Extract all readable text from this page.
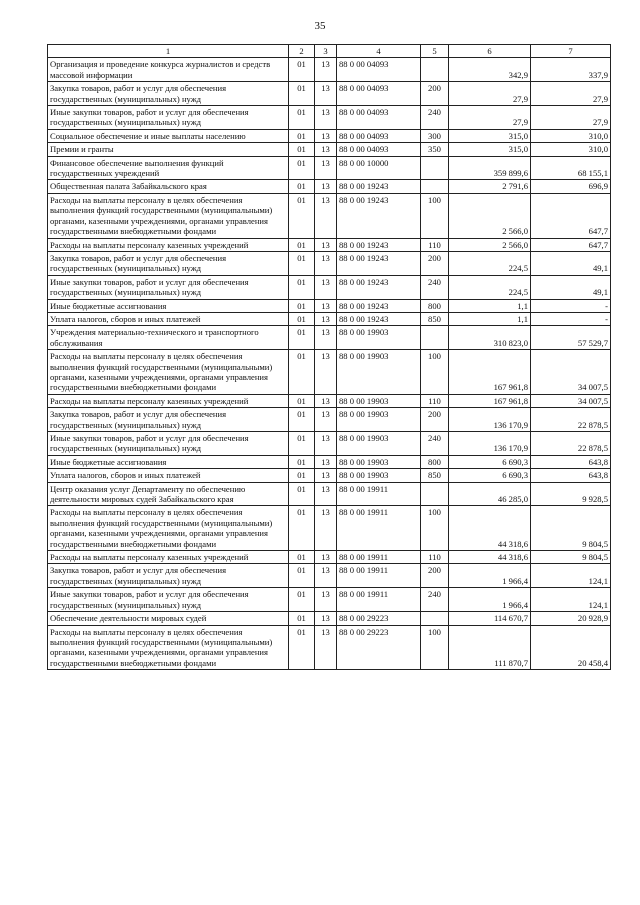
35
1	2	3	4	5	6	7
Организация и проведение конкурса журналистов и средств массовой информации	01	13	88 0 00 04093		342,9	337,9
Закупка товаров, работ и услуг для обеспечения государственных (муниципальных) нужд	01	13	88 0 00 04093	200	27,9	27,9
Иные закупки товаров, работ и услуг для обеспечения государственных (муниципальных) нужд	01	13	88 0 00 04093	240	27,9	27,9
Социальное обеспечение и иные выплаты населению	01	13	88 0 00 04093	300	315,0	310,0
Премии и гранты	01	13	88 0 00 04093	350	315,0	310,0
Финансовое обеспечение выполнения функций государственных учреждений	01	13	88 0 00 10000		359 899,6	68 155,1
Общественная палата Забайкальского края	01	13	88 0 00 19243		2 791,6	696,9
Расходы на выплаты персоналу в целях обеспечения выполнения функций государственными (муниципальными) органами, казенными учреждениями, органами управления государственными внебюджетными фондами	01	13	88 0 00 19243	100	2 566,0	647,7
Расходы на выплаты персоналу казенных учреждений	01	13	88 0 00 19243	110	2 566,0	647,7
Закупка товаров, работ и услуг для обеспечения государственных (муниципальных) нужд	01	13	88 0 00 19243	200	224,5	49,1
Иные закупки товаров, работ и услуг для обеспечения государственных (муниципальных) нужд	01	13	88 0 00 19243	240	224,5	49,1
Иные бюджетные ассигнования	01	13	88 0 00 19243	800	1,1	-
Уплата налогов, сборов и иных платежей	01	13	88 0 00 19243	850	1,1	-
Учреждения материально-технического и транспортного обслуживания	01	13	88 0 00 19903		310 823,0	57 529,7
Расходы на выплаты персоналу в целях обеспечения выполнения функций государственными (муниципальными) органами, казенными учреждениями, органами управления государственными внебюджетными фондами	01	13	88 0 00 19903	100	167 961,8	34 007,5
Расходы на выплаты персоналу казенных учреждений	01	13	88 0 00 19903	110	167 961,8	34 007,5
Закупка товаров, работ и услуг для обеспечения государственных (муниципальных) нужд	01	13	88 0 00 19903	200	136 170,9	22 878,5
Иные закупки товаров, работ и услуг для обеспечения государственных (муниципальных) нужд	01	13	88 0 00 19903	240	136 170,9	22 878,5
Иные бюджетные ассигнования	01	13	88 0 00 19903	800	6 690,3	643,8
Уплата налогов, сборов и иных платежей	01	13	88 0 00 19903	850	6 690,3	643,8
Центр оказания услуг Департаменту по обеспечению деятельности мировых судей Забайкальского края	01	13	88 0 00 19911		46 285,0	9 928,5
Расходы на выплаты персоналу в целях обеспечения выполнения функций государственными (муниципальными) органами, казенными учреждениями, органами управления государственными внебюджетными фондами	01	13	88 0 00 19911	100	44 318,6	9 804,5
Расходы на выплаты персоналу казенных учреждений	01	13	88 0 00 19911	110	44 318,6	9 804,5
Закупка товаров, работ и услуг для обеспечения государственных (муниципальных) нужд	01	13	88 0 00 19911	200	1 966,4	124,1
Иные закупки товаров, работ и услуг для обеспечения государственных (муниципальных) нужд	01	13	88 0 00 19911	240	1 966,4	124,1
Обеспечение деятельности мировых судей	01	13	88 0 00 29223		114 670,7	20 928,9
Расходы на выплаты персоналу в целях обеспечения выполнения функций государственными (муниципальными) органами, казенными учреждениями, органами управления государственными внебюджетными фондами	01	13	88 0 00 29223	100	111 870,7	20 458,4
